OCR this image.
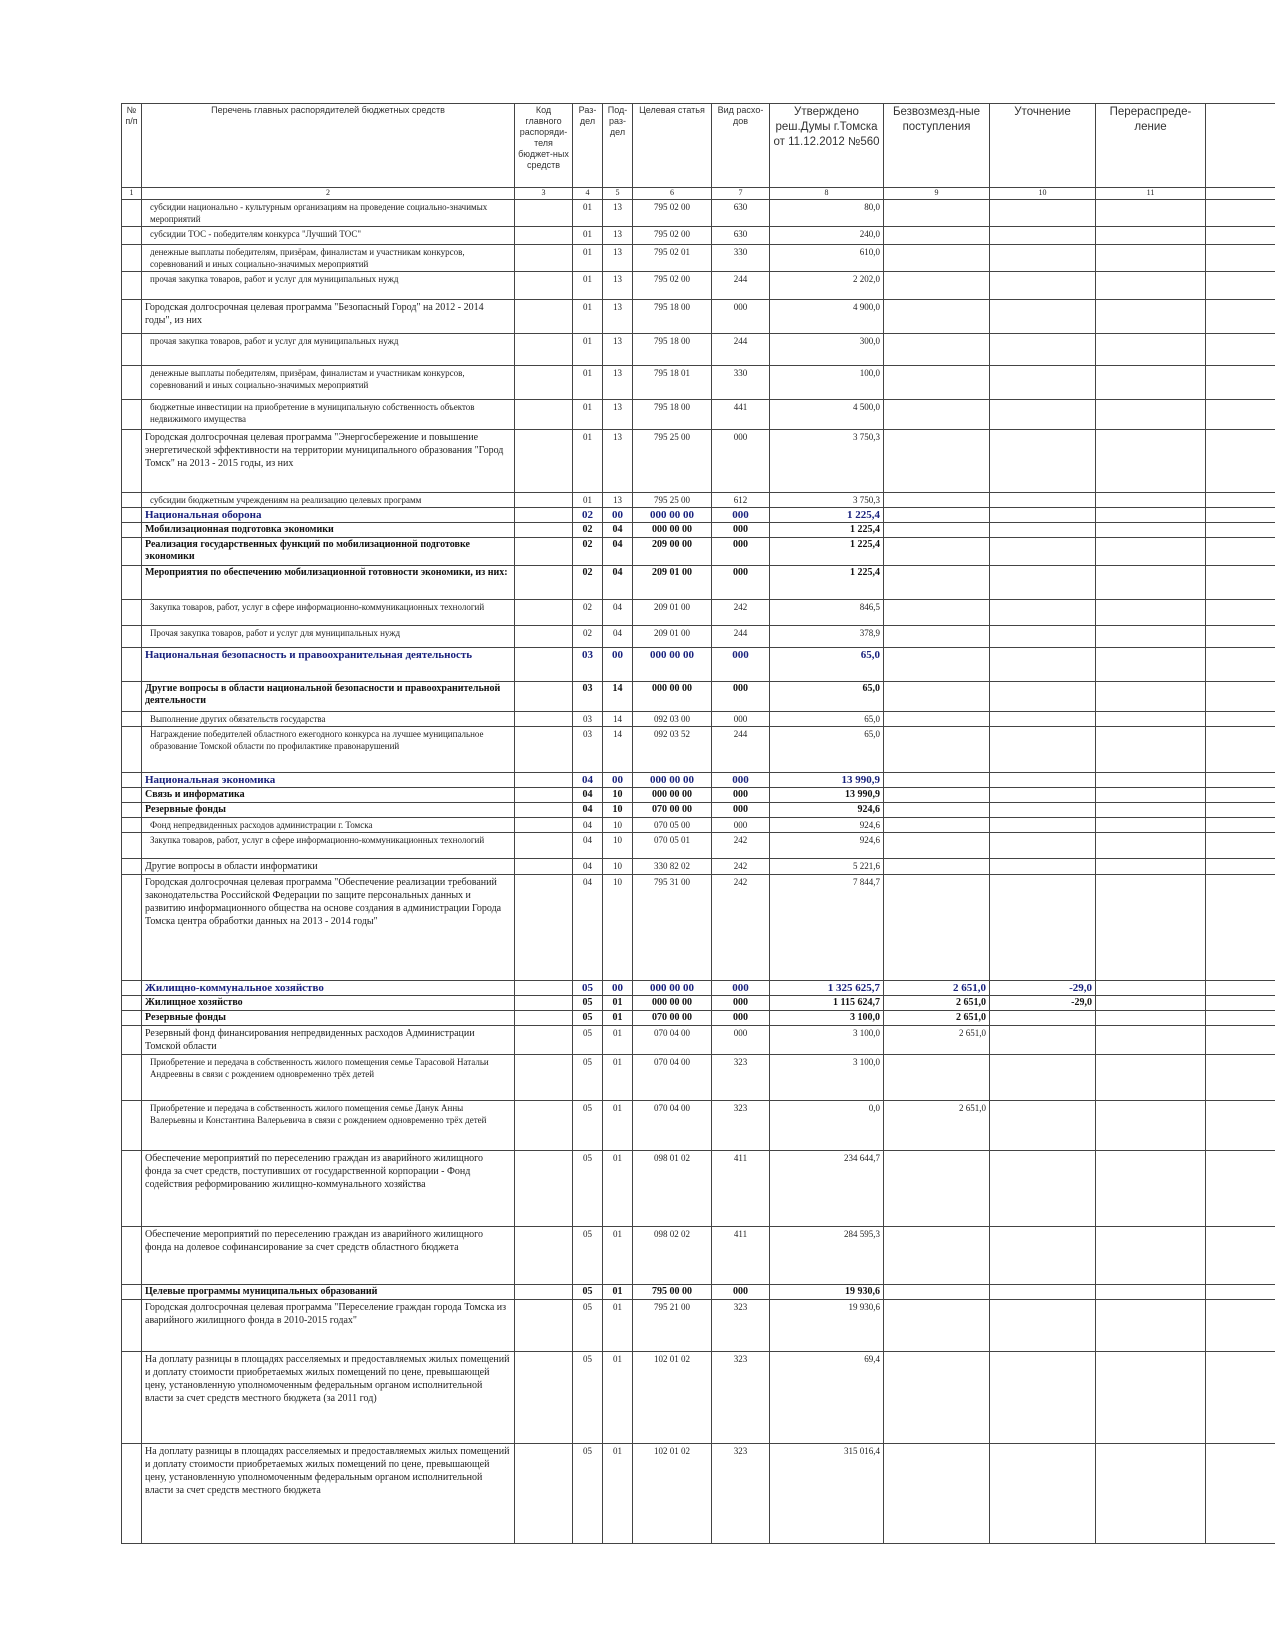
№ п/п	Перечень главных распорядителей бюджетных средств	Код главного распоряди-теля бюджет-ных средств	Раз-дел	Под-раз-дел	Целевая статья	Вид расхо-дов	Утверждено реш.Думы г.Томска от 11.12.2012 №560	Безвозмезд-ные поступления	Уточнение	Перераспреде-ление	
1	2	3	4	5	6	7	8	9	10	11	
	субсидии национально - культурным организациям на проведение социально-значимых мероприятий		01	13	795 02 00	630	80,0				
	субсидии ТОС - победителям конкурса "Лучший ТОС"		01	13	795 02 00	630	240,0				
	денежные выплаты победителям, призёрам, финалистам и участникам конкурсов, соревнований и иных социально-значимых мероприятий		01	13	795 02 01	330	610,0				
	прочая закупка товаров, работ и услуг для муниципальных нужд		01	13	795 02 00	244	2 202,0				
	Городская долгосрочная целевая программа "Безопасный Город" на 2012 - 2014 годы", из них		01	13	795 18 00	000	4 900,0				
	прочая закупка товаров, работ и услуг для муниципальных нужд		01	13	795 18 00	244	300,0				
	денежные выплаты победителям, призёрам, финалистам и участникам конкурсов, соревнований и иных социально-значимых мероприятий		01	13	795 18 01	330	100,0				
	бюджетные инвестиции на приобретение в муниципальную собственность объектов недвижимого имущества		01	13	795 18 00	441	4 500,0				
	Городская долгосрочная целевая программа "Энергосбережение и повышение энергетической эффективности на территории муниципального образования "Город Томск" на 2013 - 2015 годы, из них		01	13	795 25 00	000	3 750,3				
	субсидии бюджетным учреждениям на реализацию целевых программ		01	13	795 25 00	612	3 750,3				
	Национальная оборона		02	00	000 00 00	000	1 225,4				
	Мобилизационная подготовка экономики		02	04	000 00 00	000	1 225,4				
	Реализация государственных функций по мобилизационной подготовке экономики		02	04	209 00 00	000	1 225,4				
	Мероприятия по обеспечению мобилизационной готовности экономики, из них:		02	04	209 01 00	000	1 225,4				
	Закупка товаров, работ, услуг в сфере информационно-коммуникационных технологий		02	04	209 01 00	242	846,5				
	Прочая закупка товаров, работ и услуг для муниципальных нужд		02	04	209 01 00	244	378,9				
	Национальная безопасность и правоохранительная деятельность		03	00	000 00 00	000	65,0				
	Другие вопросы в области национальной безопасности и правоохранительной деятельности		03	14	000 00 00	000	65,0				
	Выполнение других обязательств государства		03	14	092 03 00	000	65,0				
	Награждение победителей областного ежегодного конкурса на лучшее муниципальное образование Томской области по профилактике правонарушений		03	14	092 03 52	244	65,0				
	Национальная экономика		04	00	000 00 00	000	13 990,9				
	Связь и информатика		04	10	000 00 00	000	13 990,9				
	Резервные фонды		04	10	070 00 00	000	924,6				
	Фонд непредвиденных расходов администрации г. Томска		04	10	070 05 00	000	924,6				
	Закупка товаров, работ, услуг в сфере информационно-коммуникационных технологий		04	10	070 05 01	242	924,6				
	Другие вопросы в области информатики		04	10	330 82 02	242	5 221,6				
	Городская долгосрочная целевая программа "Обеспечение реализации требований законодательства Российской Федерации по защите персональных данных и развитию информационного общества на основе создания в администрации Города Томска центра обработки данных на 2013 - 2014 годы"		04	10	795 31 00	242	7 844,7				
	Жилищно-коммунальное хозяйство		05	00	000 00 00	000	1 325 625,7	2 651,0	-29,0		
	Жилищное хозяйство		05	01	000 00 00	000	1 115 624,7	2 651,0	-29,0		
	Резервные фонды		05	01	070 00 00	000	3 100,0	2 651,0			
	Резервный фонд финансирования непредвиденных расходов Администрации Томской области		05	01	070 04 00	000	3 100,0	2 651,0			
	Приобретение и передача в собственность жилого помещения семье Тарасовой Натальи Андреевны в связи с рождением одновременно трёх детей		05	01	070 04 00	323	3 100,0				
	Приобретение и передача в собственность жилого помещения семье Данук Анны Валерьевны и Константина Валерьевича в связи с рождением одновременно трёх детей		05	01	070 04 00	323	0,0	2 651,0			
	Обеспечение мероприятий по переселению граждан из аварийного жилищного фонда за счет средств, поступивших от государственной корпорации - Фонд содействия реформированию жилищно-коммунального хозяйства		05	01	098 01 02	411	234 644,7				
	Обеспечение мероприятий по переселению граждан из аварийного жилищного фонда на долевое софинансирование за счет средств областного бюджета		05	01	098 02 02	411	284 595,3				
	Целевые программы муниципальных образований		05	01	795 00 00	000	19 930,6				
	Городская долгосрочная целевая программа "Переселение граждан города Томска из аварийного жилищного фонда в 2010-2015 годах"		05	01	795 21 00	323	19 930,6				
	На доплату разницы в площадях расселяемых и предоставляемых жилых помещений и доплату стоимости приобретаемых жилых помещений по цене, превышающей цену, установленную уполномоченным федеральным органом исполнительной власти за счет средств местного бюджета (за 2011 год)		05	01	102 01 02	323	69,4				
	На доплату разницы в площадях расселяемых и предоставляемых жилых помещений и доплату стоимости приобретаемых жилых помещений по цене, превышающей цену, установленную уполномоченным федеральным органом исполнительной власти за счет средств местного бюджета		05	01	102 01 02	323	315 016,4				
